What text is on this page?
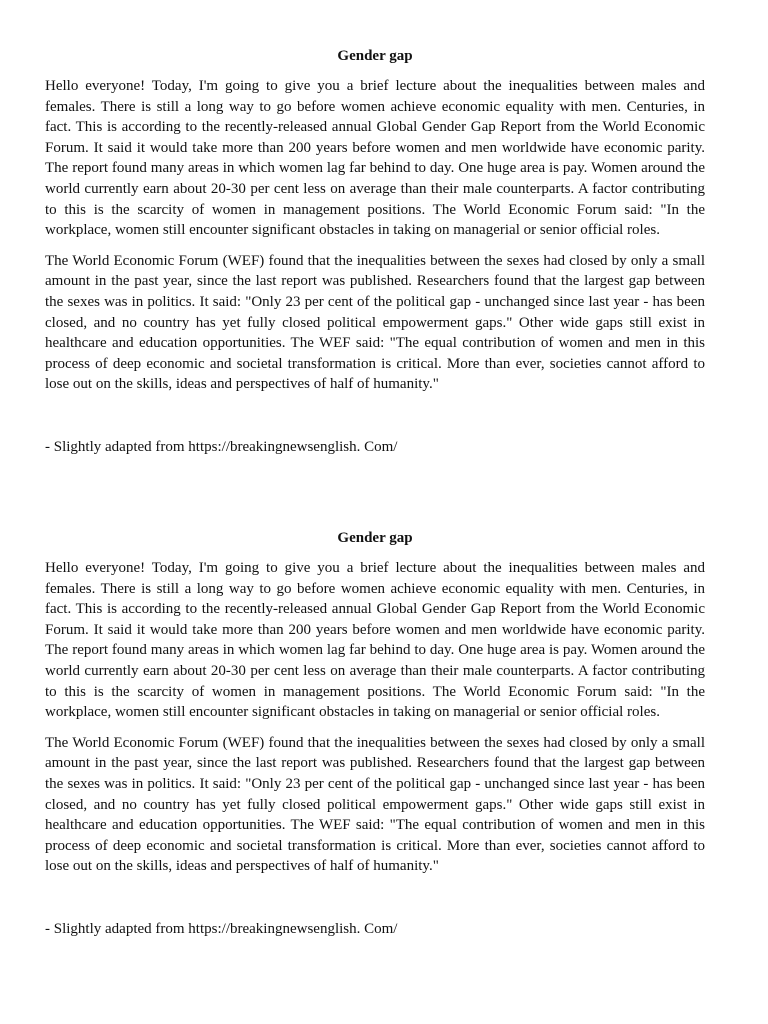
Gender gap

Hello everyone! Today, I'm going to give you a brief lecture about the inequalities between males and females. There is still a long way to go before women achieve economic equality with men. Centuries, in fact. This is according to the recently-released annual Global Gender Gap Report from the World Economic Forum. It said it would take more than 200 years before women and men worldwide have economic parity. The report found many areas in which women lag far behind to day. One huge area is pay. Women around the world currently earn about 20-30 per cent less on average than their male counterparts. A factor contributing to this is the scarcity of women in management positions. The World Economic Forum said: "In the workplace, women still encounter significant obstacles in taking on managerial or senior official roles.

The World Economic Forum (WEF) found that the inequalities between the sexes had closed by only a small amount in the past year, since the last report was published. Researchers found that the largest gap between the sexes was in politics. It said: "Only 23 per cent of the political gap - unchanged since last year - has been closed, and no country has yet fully closed political empowerment gaps." Other wide gaps still exist in healthcare and education opportunities. The WEF said: "The equal contribution of women and men in this process of deep economic and societal transformation is critical. More than ever, societies cannot afford to lose out on the skills, ideas and perspectives of half of humanity."

- Slightly adapted from https://breakingnewsenglish. Com/
Gender gap

Hello everyone! Today, I'm going to give you a brief lecture about the inequalities between males and females. There is still a long way to go before women achieve economic equality with men. Centuries, in fact. This is according to the recently-released annual Global Gender Gap Report from the World Economic Forum. It said it would take more than 200 years before women and men worldwide have economic parity. The report found many areas in which women lag far behind to day. One huge area is pay. Women around the world currently earn about 20-30 per cent less on average than their male counterparts. A factor contributing to this is the scarcity of women in management positions. The World Economic Forum said: "In the workplace, women still encounter significant obstacles in taking on managerial or senior official roles.

The World Economic Forum (WEF) found that the inequalities between the sexes had closed by only a small amount in the past year, since the last report was published. Researchers found that the largest gap between the sexes was in politics. It said: "Only 23 per cent of the political gap - unchanged since last year - has been closed, and no country has yet fully closed political empowerment gaps." Other wide gaps still exist in healthcare and education opportunities. The WEF said: "The equal contribution of women and men in this process of deep economic and societal transformation is critical. More than ever, societies cannot afford to lose out on the skills, ideas and perspectives of half of humanity."

- Slightly adapted from https://breakingnewsenglish. Com/
